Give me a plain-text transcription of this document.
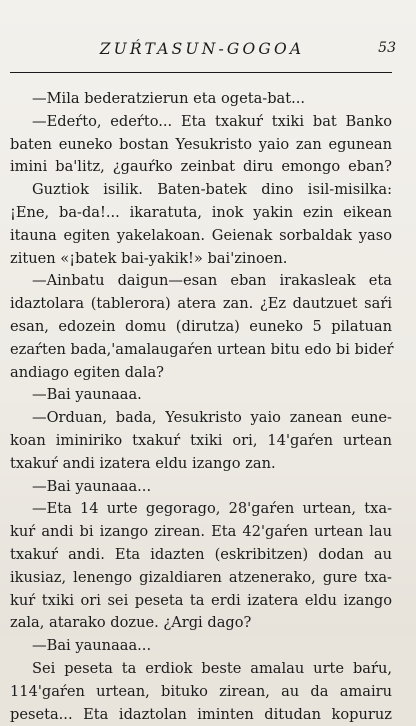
ZUŔTASUN-GOGOA	53
—Mila bederatzierun eta ogeta-bat...
—Edeŕto, edeŕto... Eta txakuŕ txiki bat Banko
baten euneko bostan Yesukristo yaio zan egunean
imini ba'litz, ¿gauŕko zeinbat diru emongo eban?
Guztiok isilik. Baten-batek dino isil-misilka:
¡Ene, ba-da!... ikaratuta, inok yakin ezin eikean
itauna egiten yakelakoan. Geienak sorbaldak yaso
zituen «¡batek bai-yakik!» bai'zinoen.
—Ainbatu daigun—esan eban irakasleak eta
idaztolara (tablerora) atera zan. ¿Ez dautzuet saŕi
esan, edozein domu (dirutza) euneko 5 pilatuan
ezaŕten bada,'amalaugaŕen urtean bitu edo bi bideŕ
andiago egiten dala?
—Bai yaunaaa.
—Orduan, bada, Yesukristo yaio zanean eune-
koan iminiriko txakuŕ txiki ori, 14'gaŕen urtean
txakuŕ andi izatera eldu izango zan.
—Bai yaunaaa...
—Eta 14 urte gegorago, 28'gaŕen urtean, txa-
kuŕ andi bi izango zirean. Eta 42'gaŕen urtean lau
txakuŕ andi. Eta idazten (eskribitzen) dodan au
ikusiaz, lenengo gizaldiaren atzenerako, gure txa-
kuŕ txiki ori sei peseta ta erdi izatera eldu izango
zala, atarako dozue. ¿Argi dago?
—Bai yaunaaa...
Sei peseta ta erdiok beste amalau urte baŕu,
114'gaŕen urtean, bituko zirean, au da amairu
peseta... Eta idaztolan iminten ditudan kopuruz
